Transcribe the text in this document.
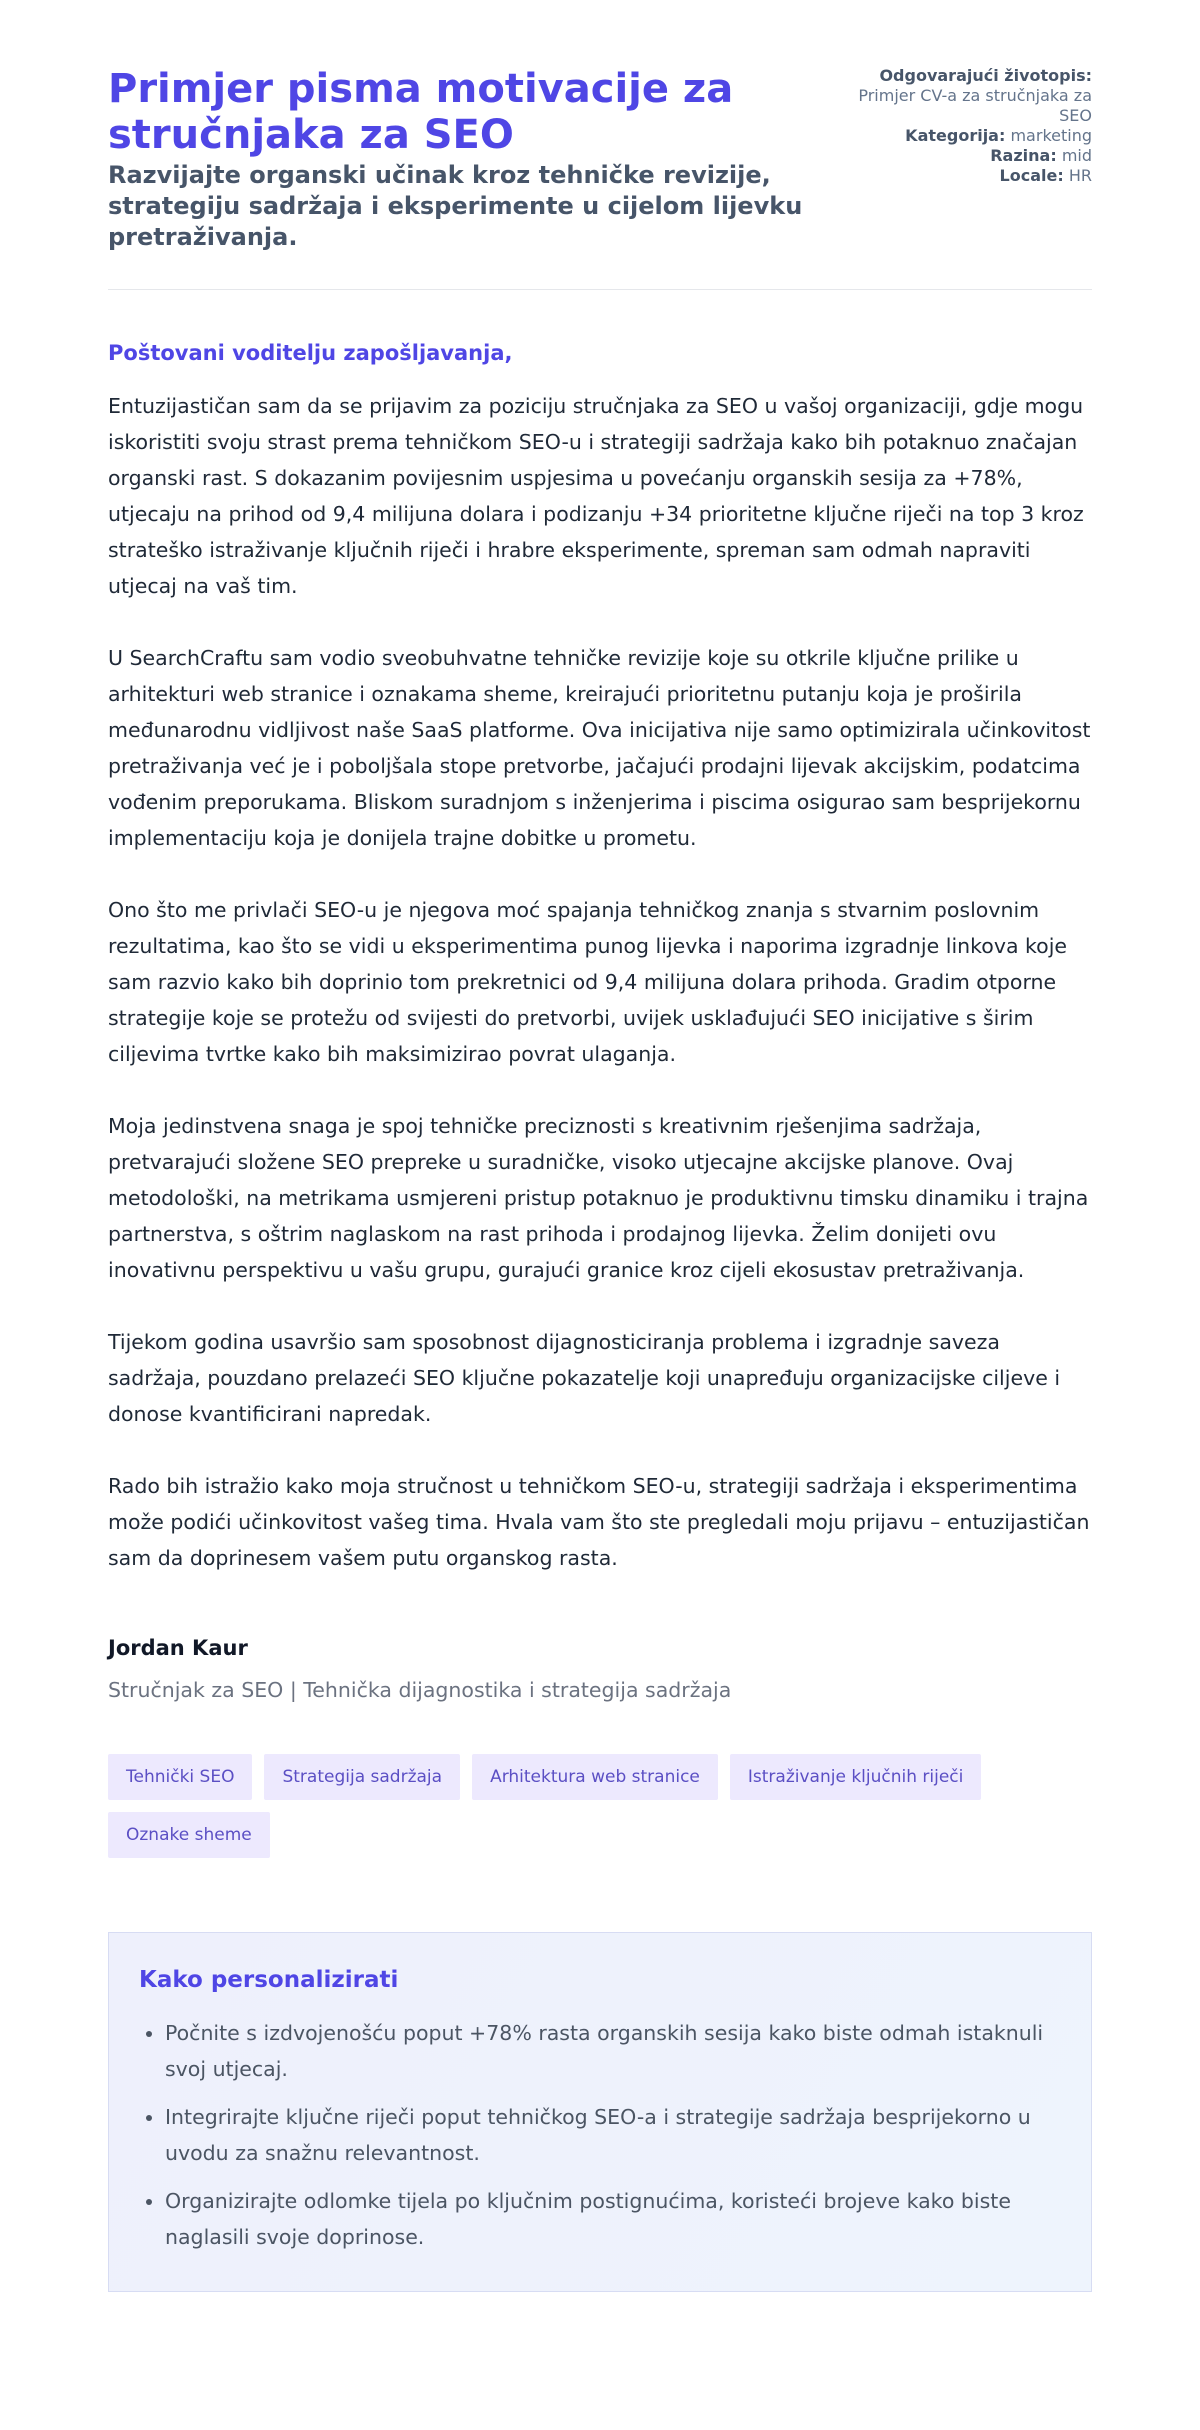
Primjer pisma motivacije za stručnjaka za SEO

Razvijajte organski učinak kroz tehničke revizije, strategiju sadržaja i eksperimente u cijelom lijevku pretraživanja.

Odgovarajući životopis: Primjer CV-a za stručnjaka za SEO

Kategorija: marketing

Razina: mid

Locale: HR

Poštovani voditelju zapošljavanja,

Entuzijastičan sam da se prijavim za poziciju stručnjaka za SEO u vašoj organizaciji, gdje mogu iskoristiti svoju strast prema tehničkom SEO-u i strategiji sadržaja kako bih potaknuo značajan organski rast. S dokazanim povijesnim uspjesima u povećanju organskih sesija za +78%, utjecaju na prihod od 9,4 milijuna dolara i podizanju +34 prioritetne ključne riječi na top 3 kroz strateško istraživanje ključnih riječi i hrabre eksperimente, spreman sam odmah napraviti utjecaj na vaš tim.

U SearchCraftu sam vodio sveobuhvatne tehničke revizije koje su otkrile ključne prilike u arhitekturi web stranice i oznakama sheme, kreirajući prioritetnu putanju koja je proširila međunarodnu vidljivost naše SaaS platforme. Ova inicijativa nije samo optimizirala učinkovitost pretraživanja već je i poboljšala stope pretvorbe, jačajući prodajni lijevak akcijskim, podatcima vođenim preporukama. Bliskom suradnjom s inženjerima i piscima osigurao sam besprijekornu implementaciju koja je donijela trajne dobitke u prometu.

Ono što me privlači SEO-u je njegova moć spajanja tehničkog znanja s stvarnim poslovnim rezultatima, kao što se vidi u eksperimentima punog lijevka i naporima izgradnje linkova koje sam razvio kako bih doprinio tom prekretnici od 9,4 milijuna dolara prihoda. Gradim otporne strategije koje se protežu od svijesti do pretvorbi, uvijek usklađujući SEO inicijative s širim ciljevima tvrtke kako bih maksimizirao povrat ulaganja.

Moja jedinstvena snaga je spoj tehničke preciznosti s kreativnim rješenjima sadržaja, pretvarajući složene SEO prepreke u suradničke, visoko utjecajne akcijske planove. Ovaj metodološki, na metrikama usmjereni pristup potaknuo je produktivnu timsku dinamiku i trajna partnerstva, s oštrim naglaskom na rast prihoda i prodajnog lijevka. Želim donijeti ovu inovativnu perspektivu u vašu grupu, gurajući granice kroz cijeli ekosustav pretraživanja.

Tijekom godina usavršio sam sposobnost dijagnosticiranja problema i izgradnje saveza sadržaja, pouzdano prelazeći SEO ključne pokazatelje koji unapređuju organizacijske ciljeve i donose kvantificirani napredak.

Rado bih istražio kako moja stručnost u tehničkom SEO-u, strategiji sadržaja i eksperimentima može podići učinkovitost vašeg tima. Hvala vam što ste pregledali moju prijavu – entuzijastičan sam da doprinesem vašem putu organskog rasta.

Jordan Kaur

Stručnjak za SEO | Tehnička dijagnostika i strategija sadržaja

Tehnički SEO	Strategija sadržaja	Arhitektura web stranice	Istraživanje ključnih riječi
Oznake sheme
Kako personalizirati
• Počnite s izdvojenošću poput +78% rasta organskih sesija kako biste odmah istaknuli svoj utjecaj.
• Integrirajte ključne riječi poput tehničkog SEO-a i strategije sadržaja besprijekorno u uvodu za snažnu relevantnost.
• Organizirajte odlomke tijela po ključnim postignućima, koristeći brojeve kako biste naglasili svoje doprinose.
